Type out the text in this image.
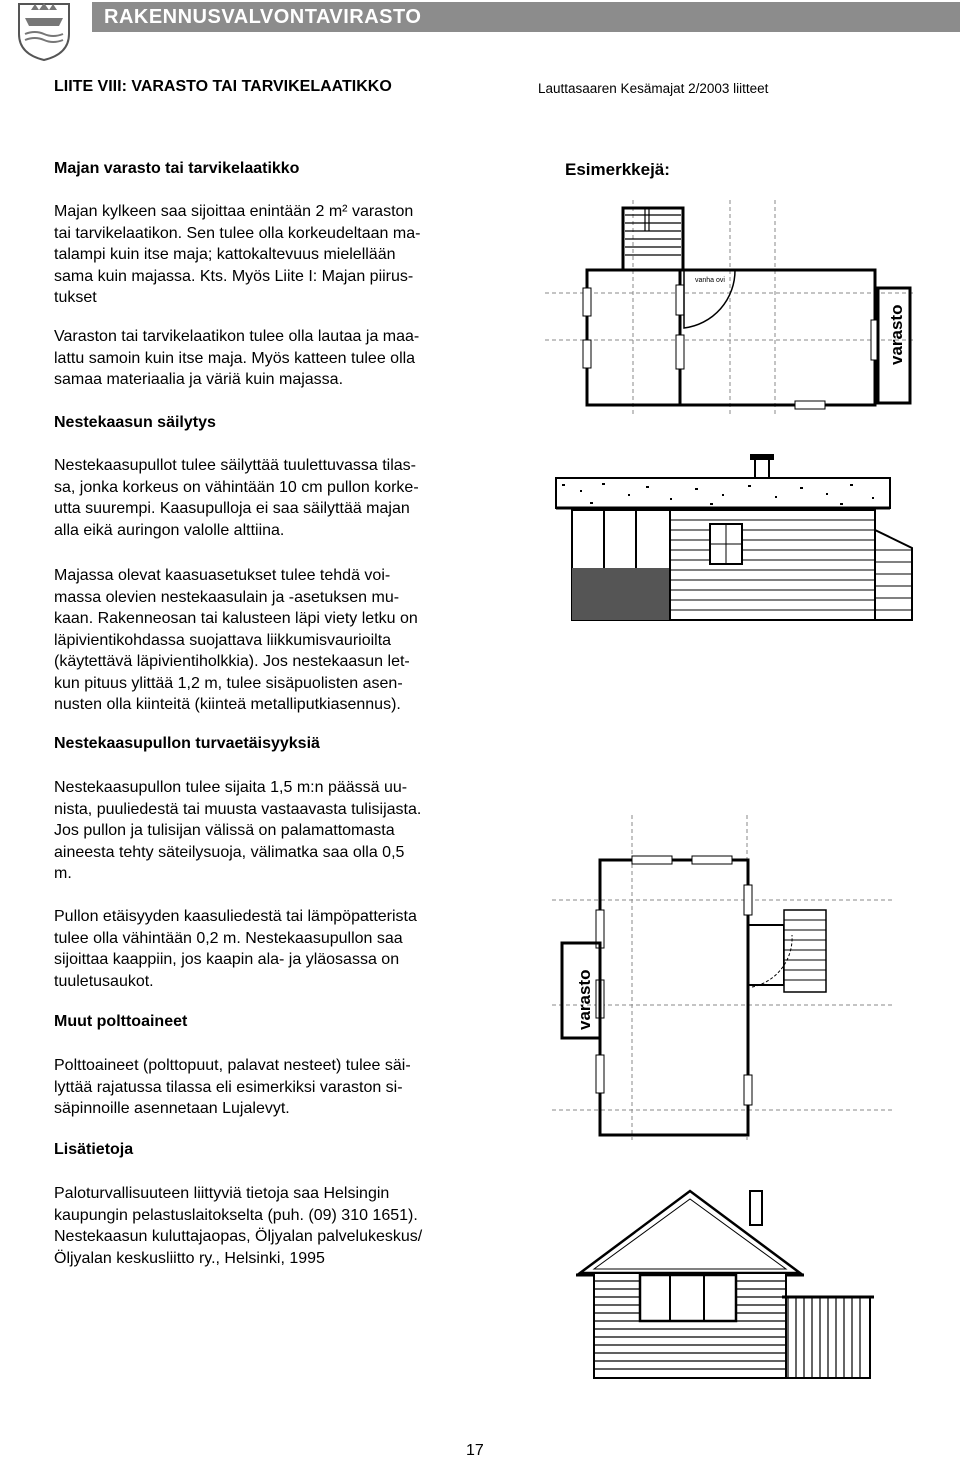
RAKENNUSVALVONTAVIRASTO
LIITE VIII: VARASTO TAI TARVIKELAATIKKO	Lauttasaaren Kesämajat 2/2003 liitteet
Majan varasto tai tarvikelaatikko
Majan kylkeen saa sijoittaa enintään 2 m² varaston
tai tarvikelaatikon. Sen tulee olla korkeudeltaan ma-
talampi kuin itse maja; kattokaltevuus mielellään
sama kuin majassa. Kts. Myös Liite I: Majan piirus-
tukset
Varaston tai tarvikelaatikon tulee olla lautaa ja maa-
lattu samoin kuin itse maja. Myös katteen tulee olla
samaa materiaalia ja väriä kuin majassa.
Nestekaasun säilytys
Nestekaasupullot tulee säilyttää tuulettuvassa tilas-
sa, jonka korkeus on vähintään 10 cm pullon korke-
utta suurempi. Kaasupulloja ei saa säilyttää majan
alla eikä auringon valolle alttiina.
Majassa olevat kaasuasetukset tulee tehdä voi-
massa olevien nestekaasulain ja -asetuksen mu-
kaan. Rakenneosan tai kalusteen läpi viety letku on
läpivientikohdassa suojattava liikkumisvaurioilta
(käytettävä läpivientiholkkia). Jos nestekaasun let-
kun pituus ylittää 1,2 m, tulee sisäpuolisten asen-
nusten olla kiinteitä (kiinteä metalliputkiasennus).
Nestekaasupullon turvaetäisyyksiä
Nestekaasupullon tulee sijaita 1,5 m:n päässä uu-
nista, puuliedestä tai muusta vastaavasta tulisijasta.
Jos pullon ja tulisijan välissä on palamattomasta
aineesta tehty säteilysuoja, välimatka saa olla 0,5
m.
Pullon etäisyyden kaasuliedestä tai lämpöpatterista
tulee olla vähintään 0,2 m. Nestekaasupullon saa
sijoittaa kaappiin, jos kaapin ala- ja yläosassa on
tuuletusaukot.
Muut polttoaineet
Polttoaineet (polttopuut, palavat nesteet) tulee säi-
lyttää rajatussa tilassa eli esimerkiksi varaston si-
säpinnoille asennetaan Lujalevyt.
Lisätietoja
Paloturvallisuuteen liittyviä tietoja saa Helsingin
kaupungin pelastuslaitokselta (puh. (09) 310 1651).
Nestekaasun kuluttajaopas, Öljyalan palvelukeskus/
Öljyalan keskusliitto ry., Helsinki, 1995
Esimerkkejä:
vanha ovi
varasto
varasto
17
